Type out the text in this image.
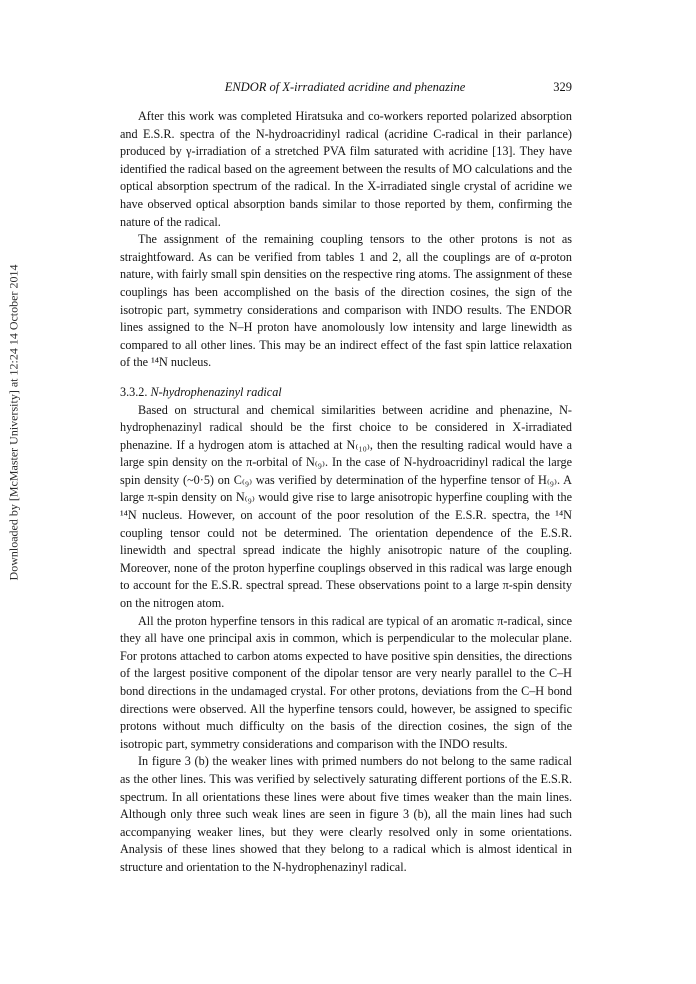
Downloaded by [McMaster University] at 12:24 14 October 2014
ENDOR of X-irradiated acridine and phenazine	329

After this work was completed Hiratsuka and co-workers reported polarized absorption and E.S.R. spectra of the N-hydroacridinyl radical (acridine C-radical in their parlance) produced by γ-irradiation of a stretched PVA film saturated with acridine [13]. They have identified the radical based on the agreement between the results of MO calculations and the optical absorption spectrum of the radical. In the X-irradiated single crystal of acridine we have observed optical absorption bands similar to those reported by them, confirming the nature of the radical.

The assignment of the remaining coupling tensors to the other protons is not as straightfoward. As can be verified from tables 1 and 2, all the couplings are of α-proton nature, with fairly small spin densities on the respective ring atoms. The assignment of these couplings has been accomplished on the basis of the direction cosines, the sign of the isotropic part, symmetry considerations and comparison with INDO results. The ENDOR lines assigned to the N–H proton have anomolously low intensity and large linewidth as compared to all other lines. This may be an indirect effect of the fast spin lattice relaxation of the ¹⁴N nucleus.

3.3.2. N-hydrophenazinyl radical

Based on structural and chemical similarities between acridine and phenazine, N-hydrophenazinyl radical should be the first choice to be considered in X-irradiated phenazine. If a hydrogen atom is attached at N₍₁₀₎, then the resulting radical would have a large spin density on the π-orbital of N₍₉₎. In the case of N-hydroacridinyl radical the large spin density (~0·5) on C₍₉₎ was verified by determination of the hyperfine tensor of H₍₉₎. A large π-spin density on N₍₉₎ would give rise to large anisotropic hyperfine coupling with the ¹⁴N nucleus. However, on account of the poor resolution of the E.S.R. spectra, the ¹⁴N coupling tensor could not be determined. The orientation dependence of the E.S.R. linewidth and spectral spread indicate the highly anisotropic nature of the coupling. Moreover, none of the proton hyperfine couplings observed in this radical was large enough to account for the E.S.R. spectral spread. These observations point to a large π-spin density on the nitrogen atom.

All the proton hyperfine tensors in this radical are typical of an aromatic π-radical, since they all have one principal axis in common, which is perpendicular to the molecular plane. For protons attached to carbon atoms expected to have positive spin densities, the directions of the largest positive component of the dipolar tensor are very nearly parallel to the C–H bond directions in the undamaged crystal. For other protons, deviations from the C–H bond directions were observed. All the hyperfine tensors could, however, be assigned to specific protons without much difficulty on the basis of the direction cosines, the sign of the isotropic part, symmetry considerations and comparison with the INDO results.

In figure 3 (b) the weaker lines with primed numbers do not belong to the same radical as the other lines. This was verified by selectively saturating different portions of the E.S.R. spectrum. In all orientations these lines were about five times weaker than the main lines. Although only three such weak lines are seen in figure 3 (b), all the main lines had such accompanying weaker lines, but they were clearly resolved only in some orientations. Analysis of these lines showed that they belong to a radical which is almost identical in structure and orientation to the N-hydrophenazinyl radical.
